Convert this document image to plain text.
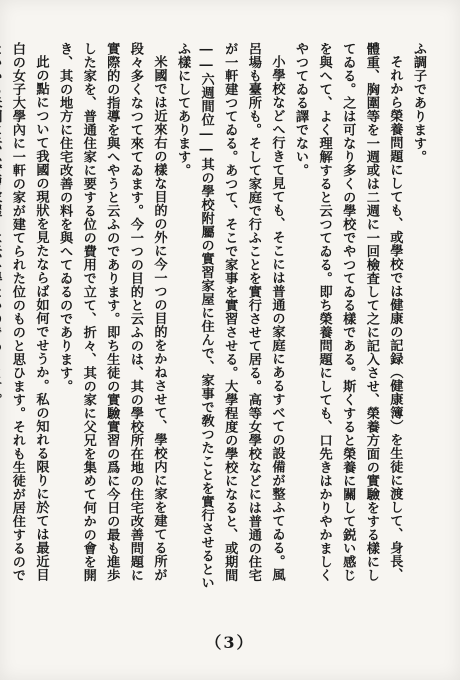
ふ調子であります。

それから榮養問題にしても、或學校では健康の記録（健康簿）を生徒に渡して、身長、體重、胸圍等を一週或は二週に一回檢査して之に記入させ、榮養方面の實驗をする樣にしてゐる。之は可なり多くの學校でやつてゐる樣である。斯くすると榮養に關して鋭い感じを與へて、よく理解すると云つてゐる。即ち榮養問題にしても、口先きはかりやかましくやつてゐる譯でない。

小學校などへ行きて見ても、そこには普通の家庭にあるすべての設備が整ふてゐる。風呂場も臺所も。そして家庭で行ふことを實行させて居る。高等女學校などには普通の住宅が一軒建つてゐる。あつて、そこで家事を實習させる。大學程度の學校になると、或期間――六週間位――其の學校附屬の實習家屋に住んで、家事で敎つたことを實行させるといふ樣にしてあります。

米國では近來右の樣な目的の外に今一つの目的をかねさせて、學校内に家を建てる所が段々多くなつて來てゐます。今一つの目的と云ふのは、其の學校所在地の住宅改善問題に實際的の指導を與へやうと云ふのであります。即ち生徒の實驗實習の爲に今日の最も進歩した家を、普通住家に要する位の費用で立て、折々、其の家に父兄を集めて何かの會を開き、其の地方に住宅改善の料を與へてゐるのであります。

此の點について我國の現狀を見たならば如何でせうか。私の知れる限りに於ては最近目白の女子大學內に一軒の家が建てられた位のものと思ひます。それも生徒が居住するので

（3）
